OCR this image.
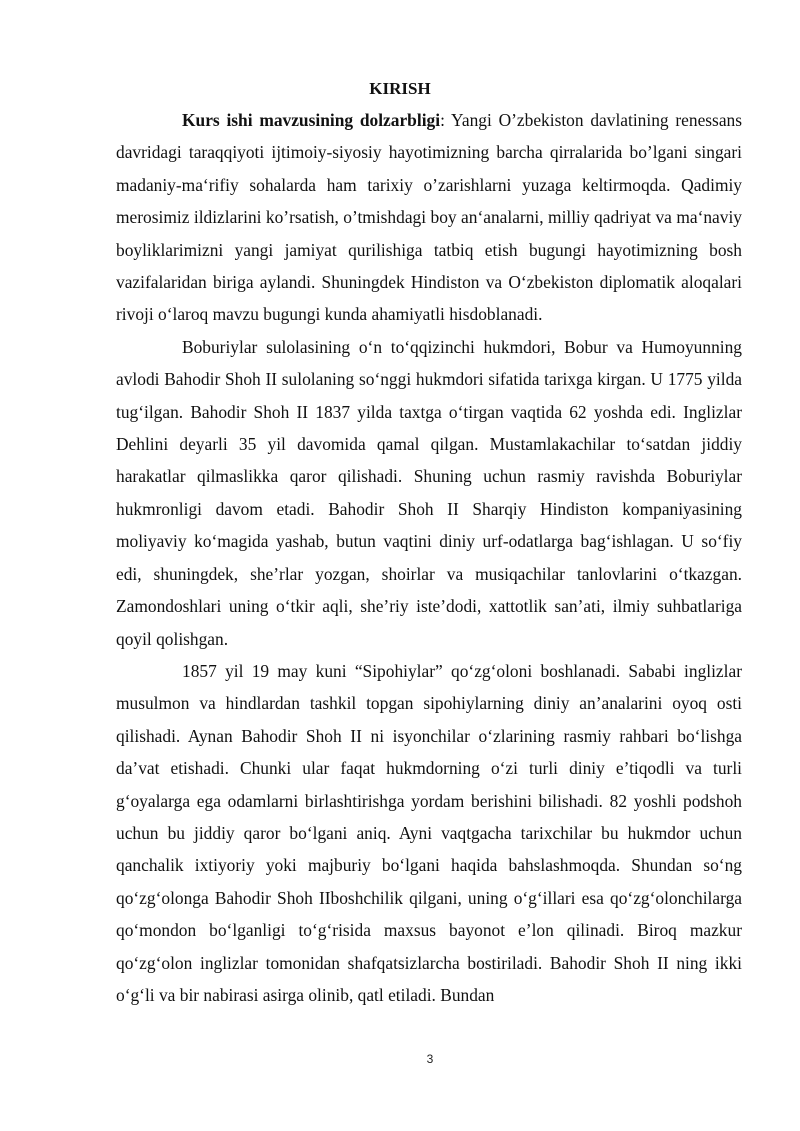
KIRISH

Kurs ishi mavzusining dolzarbligi: Yangi O’zbekiston davlatining renessans davridagi taraqqiyoti ijtimoiy-siyosiy hayotimizning barcha qirralarida bo’lgani singari madaniy-ma‘rifiy sohalarda ham tarixiy o’zarishlarni yuzaga keltirmoqda. Qadimiy merosimiz ildizlarini ko’rsatish, o’tmishdagi boy an‘analarni, milliy qadriyat va ma‘naviy boyliklarimizni yangi jamiyat qurilishiga tatbiq etish bugungi hayotimizning bosh vazifalaridan biriga aylandi. Shuningdek Hindiston va O‘zbekiston diplomatik aloqalari rivoji o‘laroq mavzu bugungi kunda ahamiyatli hisdoblanadi.

Boburiylar sulolasining o‘n to‘qqizinchi hukmdori, Bobur va Humoyunning avlodi Bahodir Shoh II sulolaning so‘nggi hukmdori sifatida tarixga kirgan. U 1775 yilda tug‘ilgan. Bahodir Shoh II 1837 yilda taxtga o‘tirgan vaqtida 62 yoshda edi. Inglizlar Dehlini deyarli 35 yil davomida qamal qilgan. Mustamlakachilar to‘satdan jiddiy harakatlar qilmaslikka qaror qilishadi. Shuning uchun rasmiy ravishda Boburiylar hukmronligi davom etadi. Bahodir Shoh II Sharqiy Hindiston kompaniyasining moliyaviy ko‘magida yashab, butun vaqtini diniy urf-odatlarga bag‘ishlagan. U so‘fiy edi, shuningdek, she’rlar yozgan, shoirlar va musiqachilar tanlovlarini o‘tkazgan. Zamondoshlari uning o‘tkir aqli, she’riy iste’dodi, xattotlik san’ati, ilmiy suhbatlariga qoyil qolishgan.

1857 yil 19 may kuni “Sipohiylar” qo‘zg‘oloni boshlanadi. Sababi inglizlar musulmon va hindlardan tashkil topgan sipohiylarning diniy an’analarini oyoq osti qilishadi. Aynan Bahodir Shoh II ni isyonchilar o‘zlarining rasmiy rahbari bo‘lishga da’vat etishadi. Chunki ular faqat hukmdorning o‘zi turli diniy e’tiqodli va turli g‘oyalarga ega odamlarni birlashtirishga yordam berishini bilishadi. 82 yoshli podshoh uchun bu jiddiy qaror bo‘lgani aniq. Ayni vaqtgacha tarixchilar bu hukmdor uchun qanchalik ixtiyoriy yoki majburiy bo‘lgani haqida bahslashmoqda. Shundan so‘ng qo‘zg‘olonga Bahodir Shoh IIboshchilik qilgani, uning o‘g‘illari esa qo‘zg‘olonchilarga qo‘mondon bo‘lganligi to‘g‘risida maxsus bayonot e’lon qilinadi. Biroq mazkur qo‘zg‘olon inglizlar tomonidan shafqatsizlarcha bostiriladi. Bahodir Shoh II ning ikki o‘g‘li va bir nabirasi asirga olinib, qatl etiladi. Bundan

3
